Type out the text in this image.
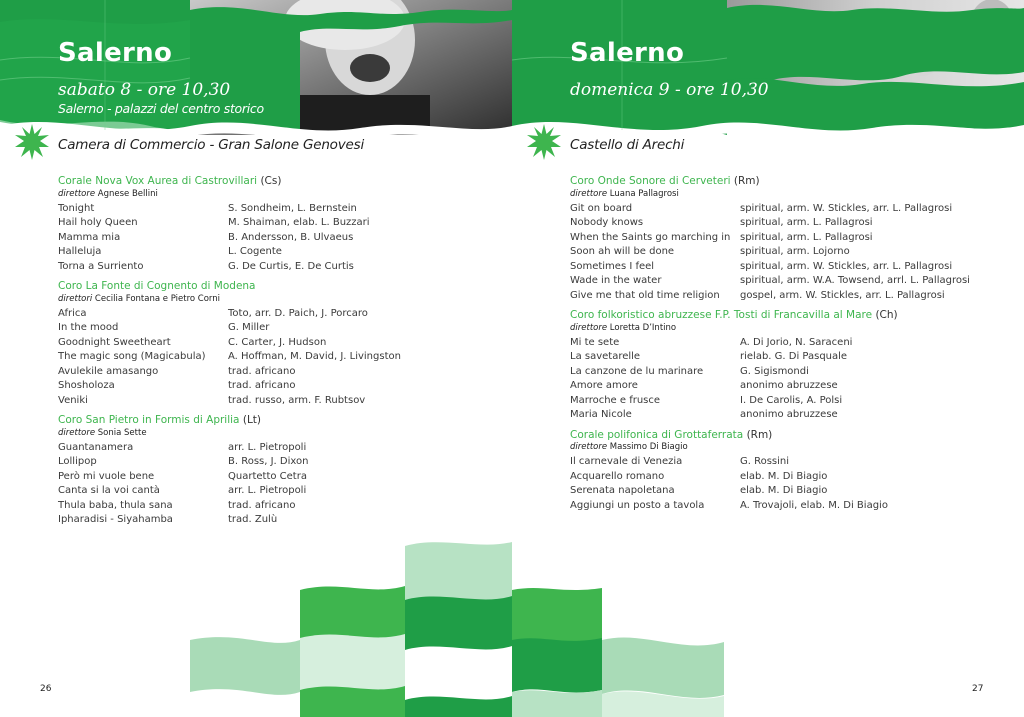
Salerno
sabato 8 - ore 10,30
Salerno - palazzi del centro storico
Camera di Commercio - Gran Salone Genovesi
Corale Nova Vox Aurea di Castrovillari (Cs)
direttore Agnese Bellini
Tonight	S. Sondheim, L. Bernstein
Hail holy Queen	M. Shaiman, elab. L. Buzzari
Mamma mia	B. Andersson, B. Ulvaeus
Halleluja	L. Cogente
Torna a Surriento	G. De Curtis, E. De Curtis
Coro La Fonte di Cognento di Modena
direttori Cecilia Fontana e Pietro Corni
Africa	Toto, arr. D. Paich, J. Porcaro
In the mood	G. Miller
Goodnight Sweetheart	C. Carter, J. Hudson
The magic song (Magicabula)	A. Hoffman, M. David, J. Livingston
Avulekile amasango	trad. africano
Shosholoza	trad. africano
Veniki	trad. russo, arm. F. Rubtsov
Coro San Pietro in Formis di Aprilia (Lt)
direttore Sonia Sette
Guantanamera	arr. L. Pietropoli
Lollipop	B. Ross, J. Dixon
Però mi vuole bene	Quartetto Cetra
Canta si la voi cantà	arr. L. Pietropoli
Thula baba, thula sana	trad. africano
Ipharadisi - Siyahamba	trad. Zulù
26
Salerno
domenica 9 - ore 10,30
Castello di Arechi
Coro Onde Sonore di Cerveteri (Rm)
direttore Luana Pallagrosi
Git on board	spiritual, arm. W. Stickles, arr. L. Pallagrosi
Nobody knows	spiritual, arm. L. Pallagrosi
When the Saints go marching in spiritual, arm. L. Pallagrosi
Soon ah will be done	spiritual, arm. Lojorno
Sometimes I feel	spiritual, arm. W. Stickles, arr. L. Pallagrosi
Wade in the water	spiritual, arm. W.A. Towsend, arrl. L. Pallagrosi
Give me that old time religion	gospel, arm. W. Stickles, arr. L. Pallagrosi
Coro folkoristico abruzzese F.P. Tosti di Francavilla al Mare (Ch)
direttore Loretta D’Intino
Mi te sete	A. Di Jorio, N. Saraceni
La savetarelle	rielab. G. Di Pasquale
La canzone de lu marinare	G. Sigismondi
Amore amore	anonimo abruzzese
Marroche e frusce	I. De Carolis, A. Polsi
Maria Nicole	anonimo abruzzese
Corale polifonica di Grottaferrata (Rm)
direttore Massimo Di Biagio
Il carnevale di Venezia	G. Rossini
Acquarello romano	elab. M. Di Biagio
Serenata napoletana	elab. M. Di Biagio
Aggiungi un posto a tavola	A. Trovajoli, elab. M. Di Biagio
27
